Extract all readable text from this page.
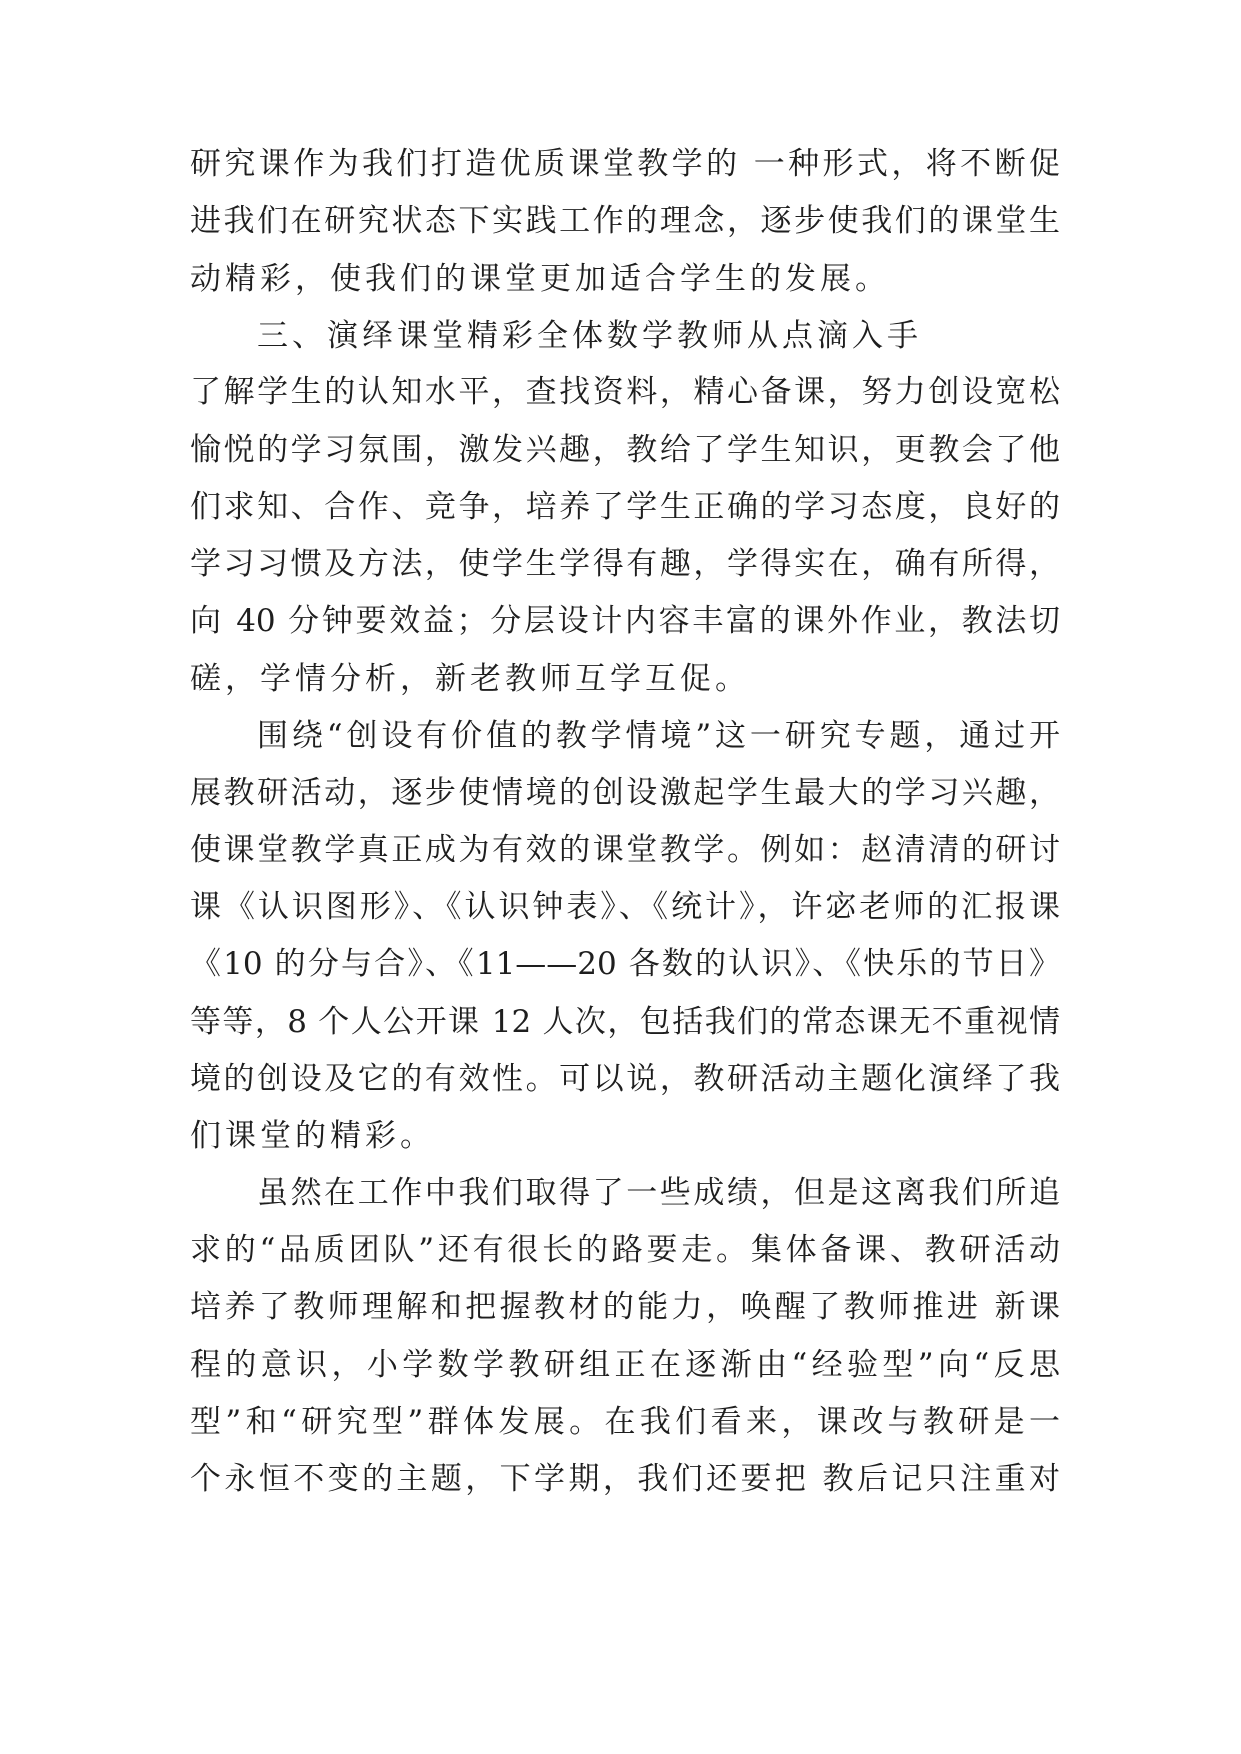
研究课作为我们打造优质课堂教学的 一种形式，将不断促
进我们在研究状态下实践工作的理念，逐步使我们的课堂生
动精彩，使我们的课堂更加适合学生的发展。
三、演绎课堂精彩全体数学教师从点滴入手
了解学生的认知水平，查找资料，精心备课，努力创设宽松
愉悦的学习氛围，激发兴趣，教给了学生知识，更教会了他
们求知、合作、竞争，培养了学生正确的学习态度，良好的
学习习惯及方法，使学生学得有趣，学得实在，确有所得，
向 40 分钟要效益；分层设计内容丰富的课外作业，教法切
磋，学情分析，新老教师互学互促。
围绕“创设有价值的教学情境”这一研究专题，通过开
展教研活动，逐步使情境的创设激起学生最大的学习兴趣，
使课堂教学真正成为有效的课堂教学。例如：赵清清的研讨
课《认识图形》、《认识钟表》、《统计》，许宓老师的汇报课
《10 的分与合》、《11——20 各数的认识》、《快乐的节日》
等等，8 个人公开课 12 人次，包括我们的常态课无不重视情
境的创设及它的有效性。可以说，教研活动主题化演绎了我
们课堂的精彩。
虽然在工作中我们取得了一些成绩，但是这离我们所追
求的“品质团队”还有很长的路要走。集体备课、教研活动
培养了教师理解和把握教材的能力，唤醒了教师推进 新课
程的意识，小学数学教研组正在逐渐由“经验型”向“反思
型”和“研究型”群体发展。在我们看来，课改与教研是一
个永恒不变的主题，下学期，我们还要把 教后记只注重对
